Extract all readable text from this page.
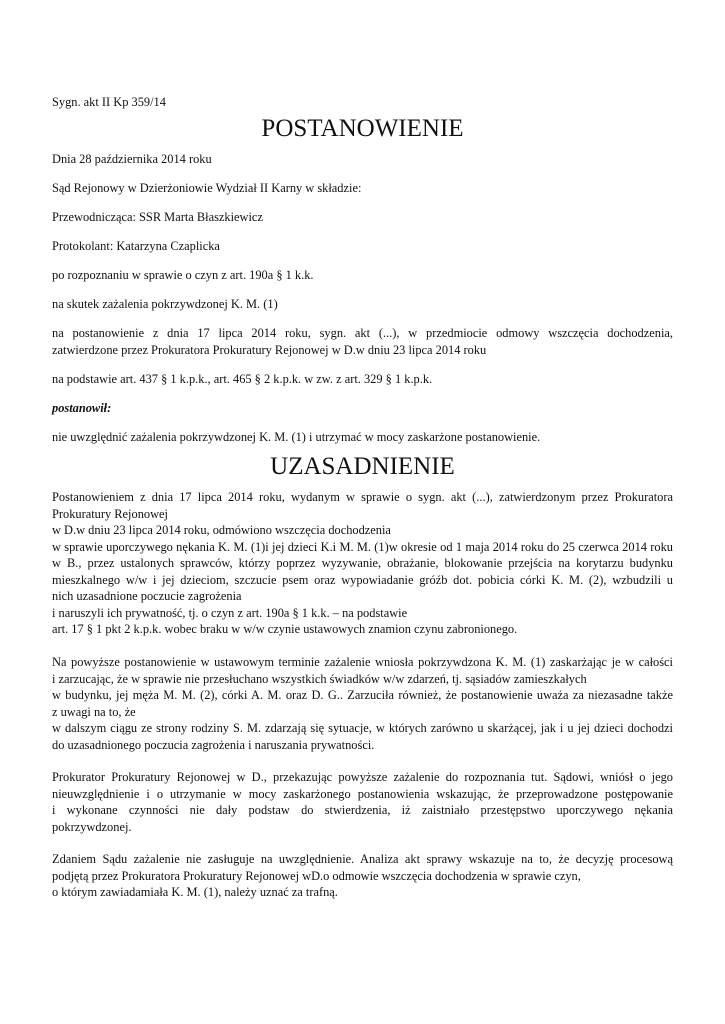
Sygn. akt II Kp 359/14

POSTANOWIENIE

Dnia 28 października 2014 roku

Sąd Rejonowy w Dzierżoniowie Wydział II Karny w składzie:

Przewodnicząca: SSR Marta Błaszkiewicz

Protokolant: Katarzyna Czaplicka

po rozpoznaniu w sprawie o czyn z art. 190a § 1 k.k.

na skutek zażalenia pokrzywdzonej K. M. (1)

na postanowienie z dnia 17 lipca 2014 roku, sygn. akt (...), w przedmiocie odmowy wszczęcia dochodzenia,

zatwierdzone przez Prokuratora Prokuratury Rejonowej w D.w dniu 23 lipca 2014 roku

na podstawie art. 437 § 1 k.p.k., art. 465 § 2 k.p.k. w zw. z art. 329 § 1 k.p.k.

postanowił:

nie uwzględnić zażalenia pokrzywdzonej K. M. (1) i utrzymać w mocy zaskarżone postanowienie.

UZASADNIENIE

Postanowieniem z dnia 17 lipca 2014 roku, wydanym w sprawie o sygn. akt (...), zatwierdzonym przez Prokuratora

Prokuratury Rejonowej

w D.w dniu 23 lipca 2014 roku, odmówiono wszczęcia dochodzenia

w sprawie uporczywego nękania K. M. (1)i jej dzieci K.i M. M. (1)w okresie od 1 maja 2014 roku do 25 czerwca 2014 roku

w B., przez ustalonych sprawców, którzy poprzez wyzywanie, obrażanie, blokowanie przejścia na korytarzu budynku

mieszkalnego w/w i jej dzieciom, szczucie psem oraz wypowiadanie gróźb dot. pobicia córki K. M. (2), wzbudzili u

nich uzasadnione poczucie zagrożenia

i naruszyli ich prywatność, tj. o czyn z art. 190a § 1 k.k. – na podstawie

art. 17 § 1 pkt 2 k.p.k. wobec braku w w/w czynie ustawowych znamion czynu zabronionego.

Na powyższe postanowienie w ustawowym terminie zażalenie wniosła pokrzywdzona K. M. (1) zaskarżając je w całości

i zarzucając, że w sprawie nie przesłuchano wszystkich świadków w/w zdarzeń, tj. sąsiadów zamieszkałych

w budynku, jej męża M. M. (2), córki A. M. oraz D. G.. Zarzuciła również, że postanowienie uważa za niezasadne także

z uwagi na to, że

w dalszym ciągu ze strony rodziny S. M. zdarzają się sytuacje, w których zarówno u skarżącej, jak i u jej dzieci dochodzi

do uzasadnionego poczucia zagrożenia i naruszania prywatności.

Prokurator Prokuratury Rejonowej w D., przekazując powyższe zażalenie do rozpoznania tut. Sądowi, wniósł o jego

nieuwzględnienie i o utrzymanie w mocy zaskarżonego postanowienia wskazując, że przeprowadzone postępowanie

i wykonane czynności nie dały podstaw do stwierdzenia, iż zaistniało przestępstwo uporczywego nękania

pokrzywdzonej.

Zdaniem Sądu zażalenie nie zasługuje na uwzględnienie. Analiza akt sprawy wskazuje na to, że decyzję procesową

podjętą przez Prokuratora Prokuratury Rejonowej wD.o odmowie wszczęcia dochodzenia w sprawie czyn,

o którym zawiadamiała K. M. (1), należy uznać za trafną.
